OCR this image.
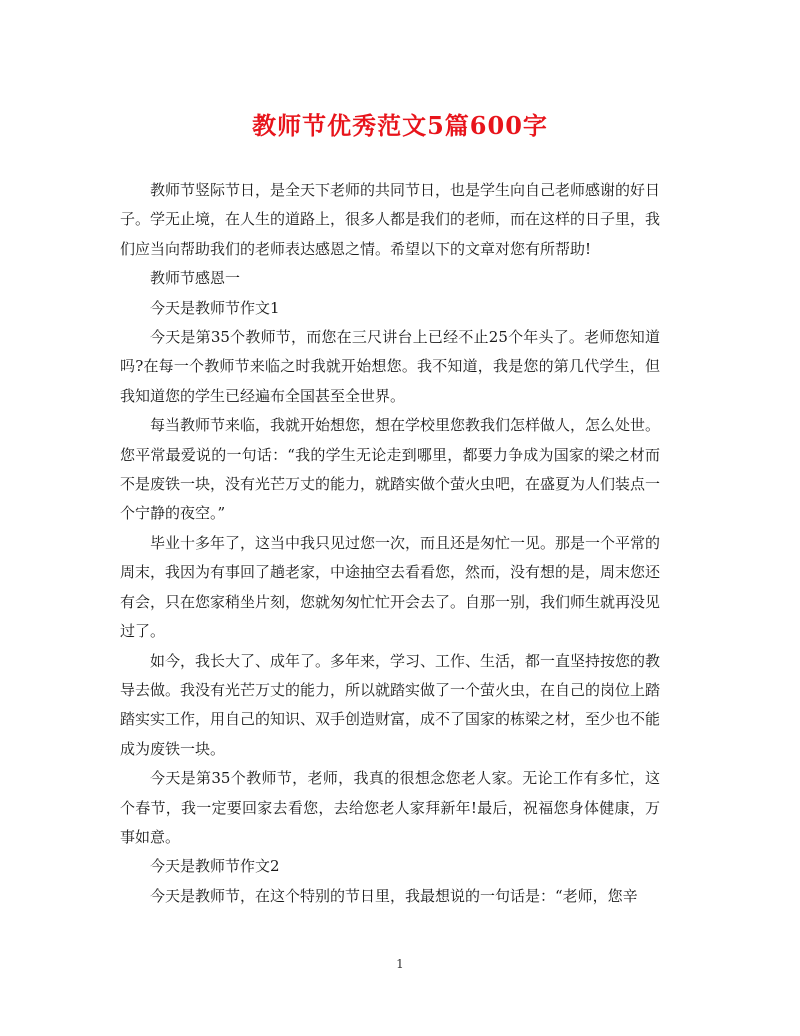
教师节优秀范文5篇600字

教师节竖际节日，是全天下老师的共同节日，也是学生向自己老师感谢的好日子。学无止境，在人生的道路上，很多人都是我们的老师，而在这样的日子里，我们应当向帮助我们的老师表达感恩之情。希望以下的文章对您有所帮助!

教师节感恩一

今天是教师节作文1

今天是第35个教师节，而您在三尺讲台上已经不止25个年头了。老师您知道吗?在每一个教师节来临之时我就开始想您。我不知道，我是您的第几代学生，但我知道您的学生已经遍布全国甚至全世界。

每当教师节来临，我就开始想您，想在学校里您教我们怎样做人，怎么处世。您平常最爱说的一句话：“我的学生无论走到哪里，都要力争成为国家的梁之材而不是废铁一块，没有光芒万丈的能力，就踏实做个萤火虫吧，在盛夏为人们装点一个宁静的夜空。”

毕业十多年了，这当中我只见过您一次，而且还是匆忙一见。那是一个平常的周末，我因为有事回了趟老家，中途抽空去看看您，然而，没有想的是，周末您还有会，只在您家稍坐片刻，您就匆匆忙忙开会去了。自那一别，我们师生就再没见过了。

如今，我长大了、成年了。多年来，学习、工作、生活，都一直坚持按您的教导去做。我没有光芒万丈的能力，所以就踏实做了一个萤火虫，在自己的岗位上踏踏实实工作，用自己的知识、双手创造财富，成不了国家的栋梁之材，至少也不能成为废铁一块。

今天是第35个教师节，老师，我真的很想念您老人家。无论工作有多忙，这个春节，我一定要回家去看您，去给您老人家拜新年!最后，祝福您身体健康，万事如意。

今天是教师节作文2

今天是教师节，在这个特别的节日里，我最想说的一句话是：“老师，您辛

1
